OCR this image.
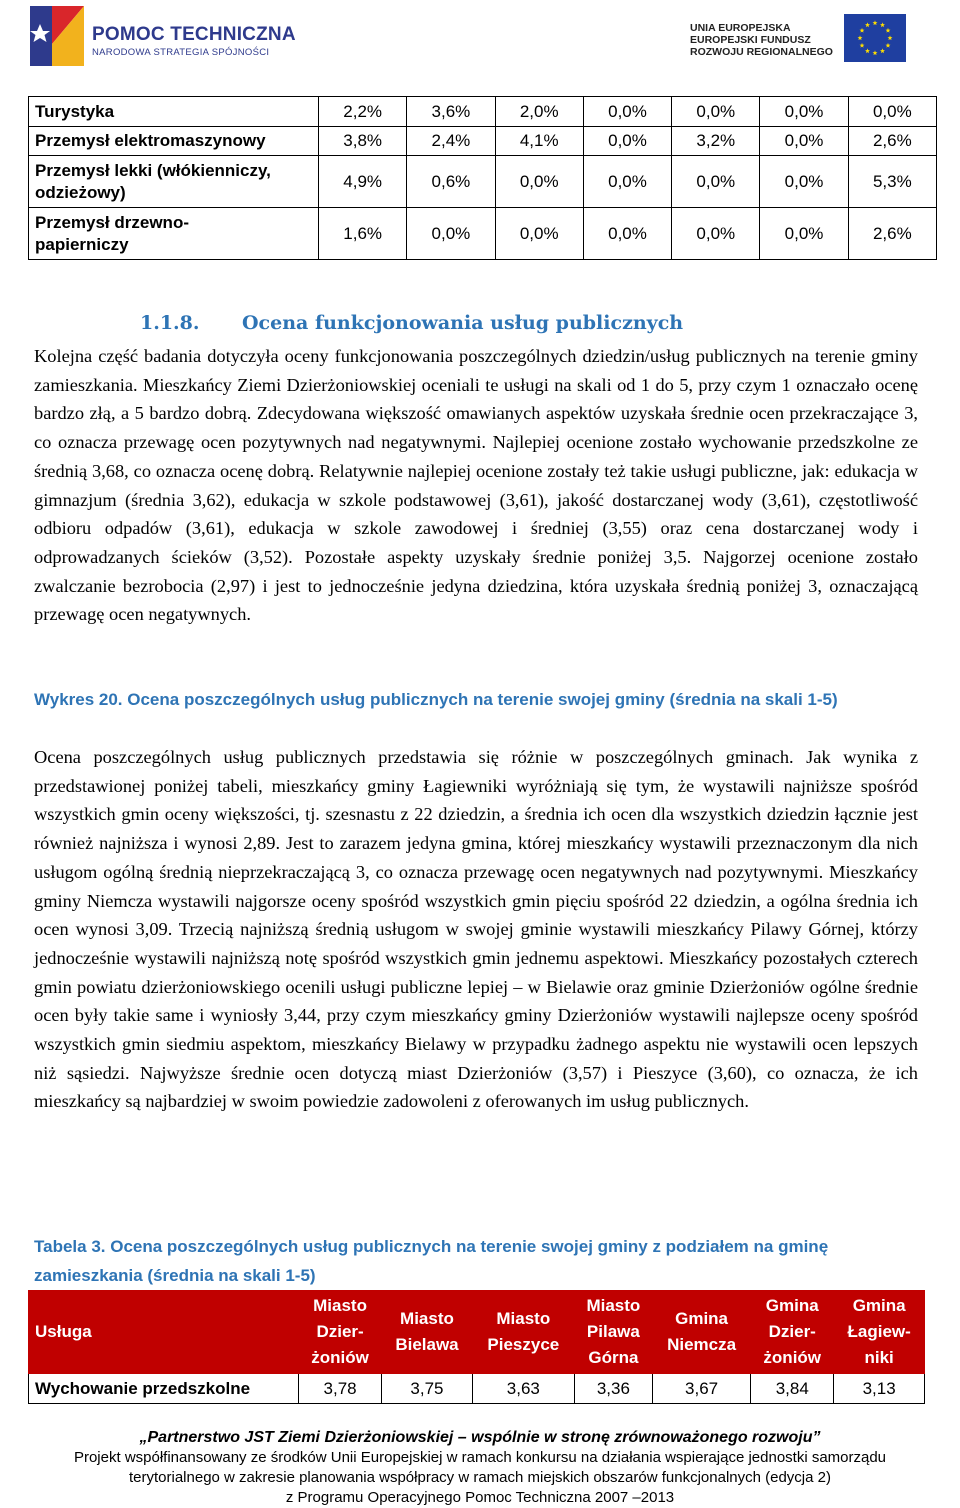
POMOC TECHNICZNA
NARODOWA STRATEGIA SPÓJNOŚCI
UNIA EUROPEJSKA
EUROPEJSKI FUNDUSZ
ROZWOJU REGIONALNEGO
Turystyka	2,2%	3,6%	2,0%	0,0%	0,0%	0,0%	0,0%
Przemysł elektromaszynowy	3,8%	2,4%	4,1%	0,0%	3,2%	0,0%	2,6%
Przemysł lekki (włókienniczy,
odzieżowy)	4,9%	0,6%	0,0%	0,0%	0,0%	0,0%	5,3%
Przemysł drzewno-
papierniczy	1,6%	0,0%	0,0%	0,0%	0,0%	0,0%	2,6%
1.1.8. Ocena funkcjonowania usług publicznych

Kolejna część badania dotyczyła oceny funkcjonowania poszczególnych dziedzin/usług publicznych na terenie gminy zamieszkania. Mieszkańcy Ziemi Dzierżoniowskiej oceniali te usługi na skali od 1 do 5, przy czym 1 oznaczało ocenę bardzo złą, a 5 bardzo dobrą. Zdecydowana większość omawianych aspektów uzyskała średnie ocen przekraczające 3, co oznacza przewagę ocen pozytywnych nad negatywnymi. Najlepiej ocenione zostało wychowanie przedszkolne ze średnią 3,68, co oznacza ocenę dobrą. Relatywnie najlepiej ocenione zostały też takie usługi publiczne, jak: edukacja w gimnazjum (średnia 3,62), edukacja w szkole podstawowej (3,61), jakość dostarczanej wody (3,61), częstotliwość odbioru odpadów (3,61), edukacja w szkole zawodowej i średniej (3,55) oraz cena dostarczanej wody i odprowadzanych ścieków (3,52). Pozostałe aspekty uzyskały średnie poniżej 3,5. Najgorzej ocenione zostało zwalczanie bezrobocia (2,97) i jest to jednocześnie jedyna dziedzina, która uzyskała średnią poniżej 3, oznaczającą przewagę ocen negatywnych.

Wykres 20. Ocena poszczególnych usług publicznych na terenie swojej gminy (średnia na skali 1-5)

Ocena poszczególnych usług publicznych przedstawia się różnie w poszczególnych gminach. Jak wynika z przedstawionej poniżej tabeli, mieszkańcy gminy Łagiewniki wyróżniają się tym, że wystawili najniższe spośród wszystkich gmin oceny większości, tj. szesnastu z 22 dziedzin, a średnia ich ocen dla wszystkich dziedzin łącznie jest również najniższa i wynosi 2,89. Jest to zarazem jedyna gmina, której mieszkańcy wystawili przeznaczonym dla nich usługom ogólną średnią nieprzekraczającą 3, co oznacza przewagę ocen negatywnych nad pozytywnymi. Mieszkańcy gminy Niemcza wystawili najgorsze oceny spośród wszystkich gmin pięciu spośród 22 dziedzin, a ogólna średnia ich ocen wynosi 3,09. Trzecią najniższą średnią usługom w swojej gminie wystawili mieszkańcy Pilawy Górnej, którzy jednocześnie wystawili najniższą notę spośród wszystkich gmin jednemu aspektowi. Mieszkańcy pozostałych czterech gmin powiatu dzierżoniowskiego ocenili usługi publiczne lepiej – w Bielawie oraz gminie Dzierżoniów ogólne średnie ocen były takie same i wyniosły 3,44, przy czym mieszkańcy gminy Dzierżoniów wystawili najlepsze oceny spośród wszystkich gmin siedmiu aspektom, mieszkańcy Bielawy w przypadku żadnego aspektu nie wystawili ocen lepszych niż sąsiedzi. Najwyższe średnie ocen dotyczą miast Dzierżoniów (3,57) i Pieszyce (3,60), co oznacza, że ich mieszkańcy są najbardziej w swoim powiedzie zadowoleni z oferowanych im usług publicznych.

Tabela 3. Ocena poszczególnych usług publicznych na terenie swojej gminy z podziałem na gminę zamieszkania (średnia na skali 1-5)
Usługa	Miasto
Dzier-
żoniów	Miasto
Bielawa	Miasto
Pieszyce	Miasto
Pilawa
Górna	Gmina
Niemcza	Gmina
Dzier-
żoniów	Gmina
Łagiew-
niki
Wychowanie przedszkolne	3,78	3,75	3,63	3,36	3,67	3,84	3,13
„Partnerstwo JST Ziemi Dzierżoniowskiej – wspólnie w stronę zrównoważonego rozwoju”
Projekt współfinansowany ze środków Unii Europejskiej w ramach konkursu na działania wspierające jednostki samorządu
terytorialnego w zakresie planowania współpracy w ramach miejskich obszarów funkcjonalnych (edycja 2)
z Programu Operacyjnego Pomoc Techniczna 2007 –2013
